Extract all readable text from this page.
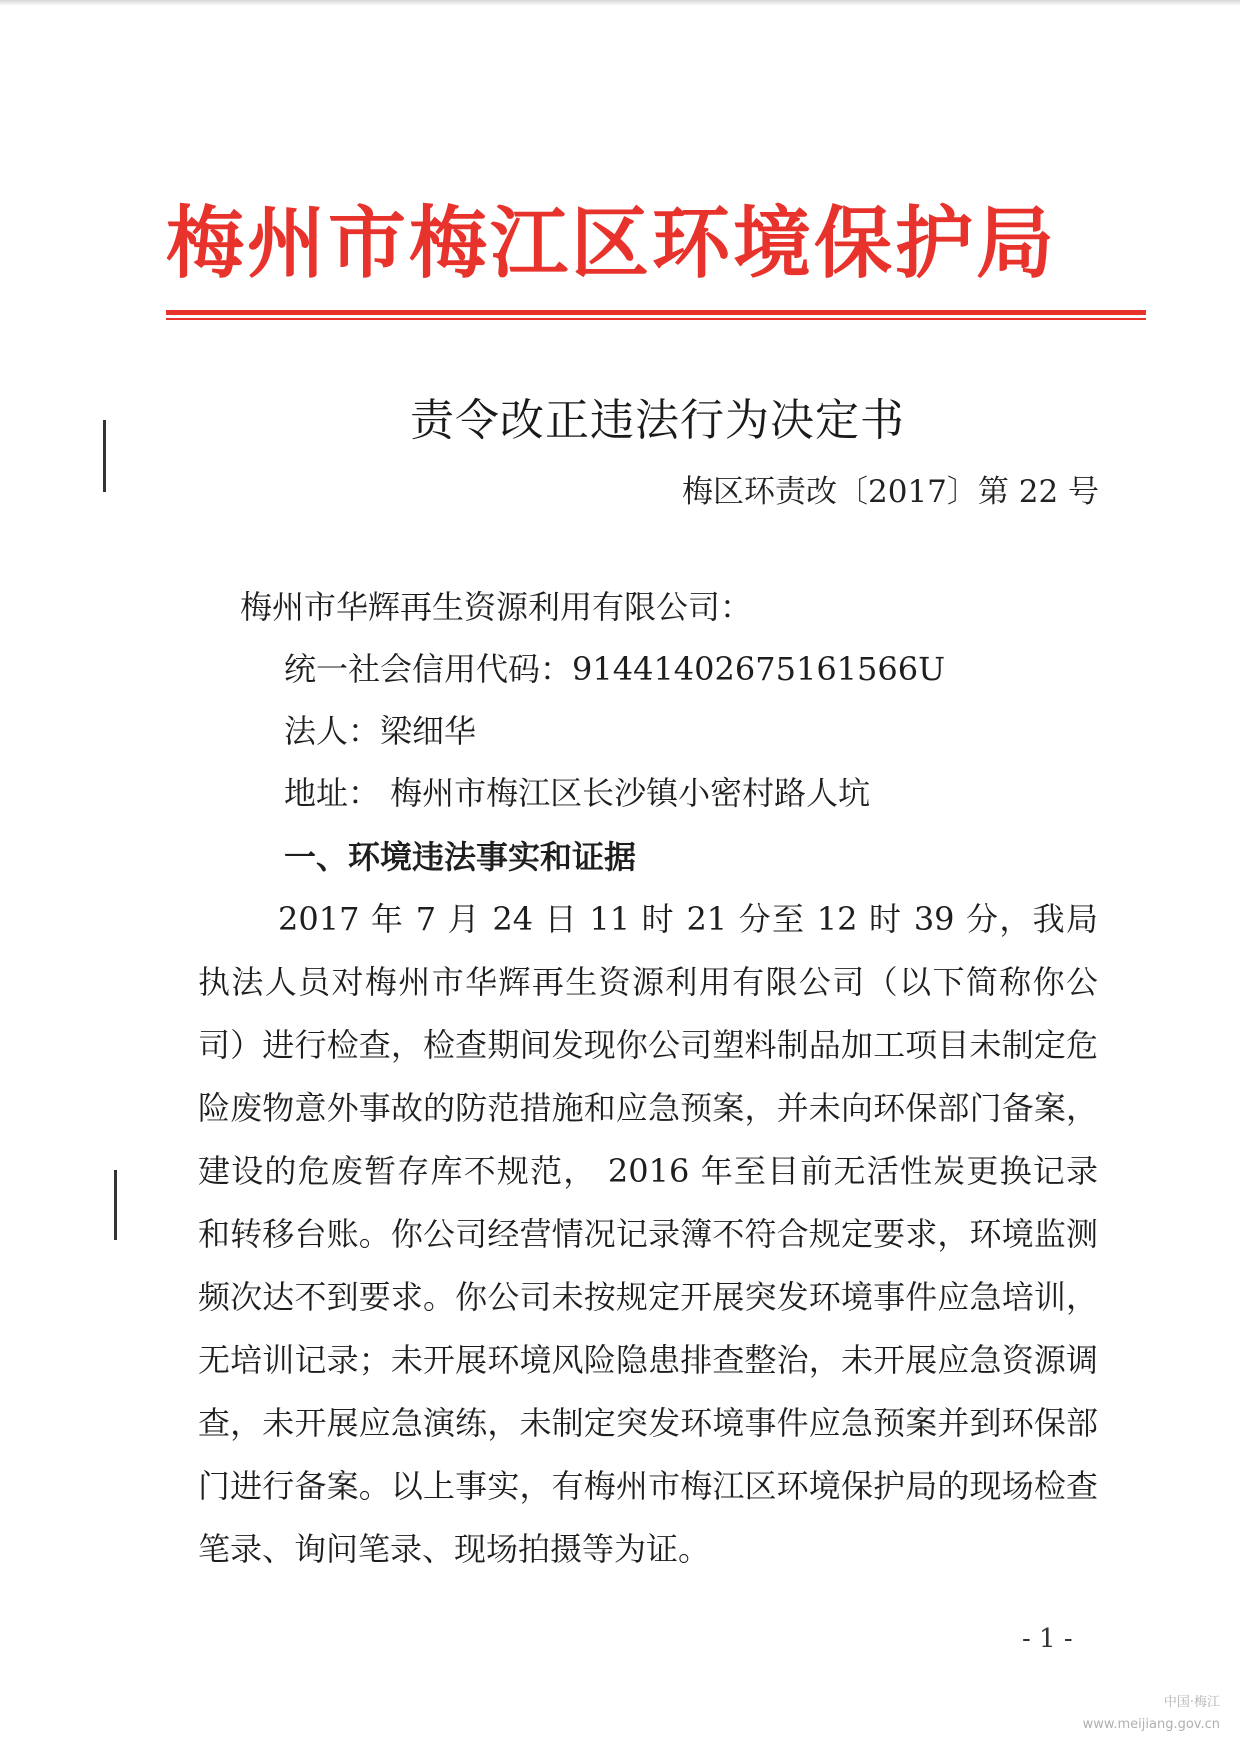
梅州市梅江区环境保护局
责令改正违法行为决定书
梅区环责改〔2017〕第 22 号
梅州市华辉再生资源利用有限公司：
统一社会信用代码：91441402675161566U
法人：梁细华
地址： 梅州市梅江区长沙镇小密村路人坑
一、环境违法事实和证据
2017 年 7 月 24 日 11 时 21 分至 12 时 39 分，我局执法人员对梅州市华辉再生资源利用有限公司（以下简称你公司）进行检查，检查期间发现你公司塑料制品加工项目未制定危险废物意外事故的防范措施和应急预案，并未向环保部门备案，建设的危废暂存库不规范， 2016 年至目前无活性炭更换记录和转移台账。你公司经营情况记录簿不符合规定要求，环境监测频次达不到要求。你公司未按规定开展突发环境事件应急培训，无培训记录；未开展环境风险隐患排查整治，未开展应急资源调查，未开展应急演练，未制定突发环境事件应急预案并到环保部门进行备案。以上事实，有梅州市梅江区环境保护局的现场检查笔录、询问笔录、现场拍摄等为证。
- 1 -
中国·梅江
www.meijiang.gov.cn
